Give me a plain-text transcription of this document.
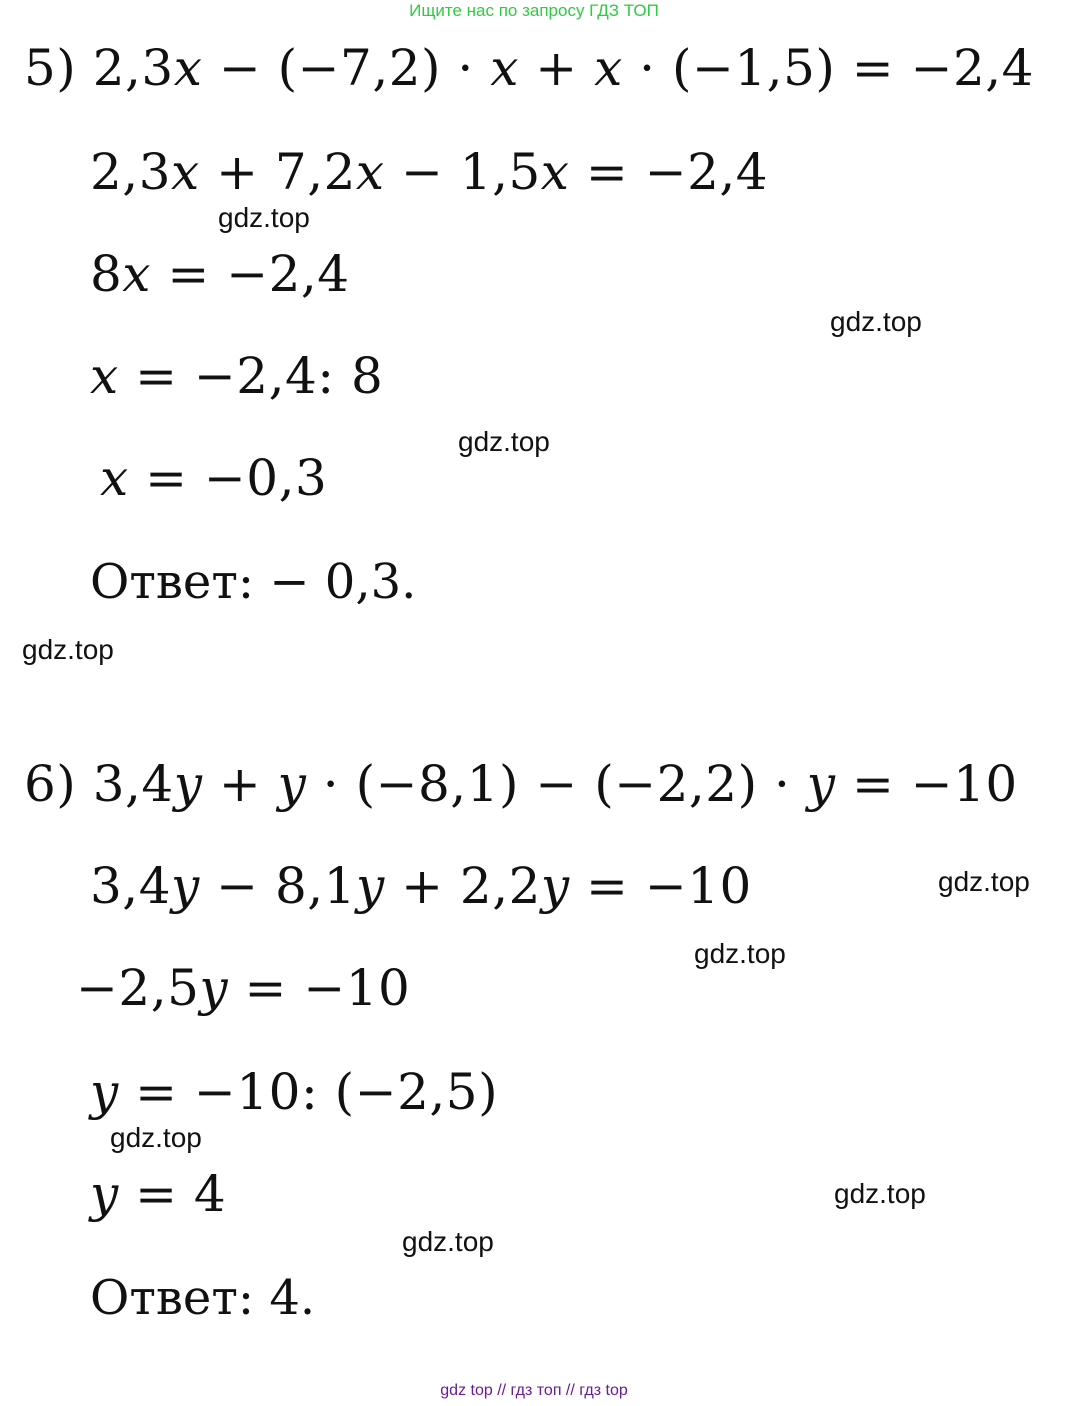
Ищите нас по запросу ГДЗ ТОП
5) 2,3𝑥 − (−7,2) · 𝑥 + 𝑥 · (−1,5) = −2,4
2,3𝑥 + 7,2𝑥 − 1,5𝑥 = −2,4
8𝑥 = −2,4
𝑥 = −2,4: 8
𝑥 = −0,3
Ответ: − 0,3.
6) 3,4𝑦 + 𝑦 · (−8,1) − (−2,2) · 𝑦 = −10
3,4𝑦 − 8,1𝑦 + 2,2𝑦 = −10
−2,5𝑦 = −10
𝑦 = −10: (−2,5)
𝑦 = 4
Ответ: 4.
gdz.top
gdz.top
gdz.top
gdz.top
gdz.top
gdz.top
gdz.top
gdz.top
gdz.top
gdz top // гдз топ // гдз top
